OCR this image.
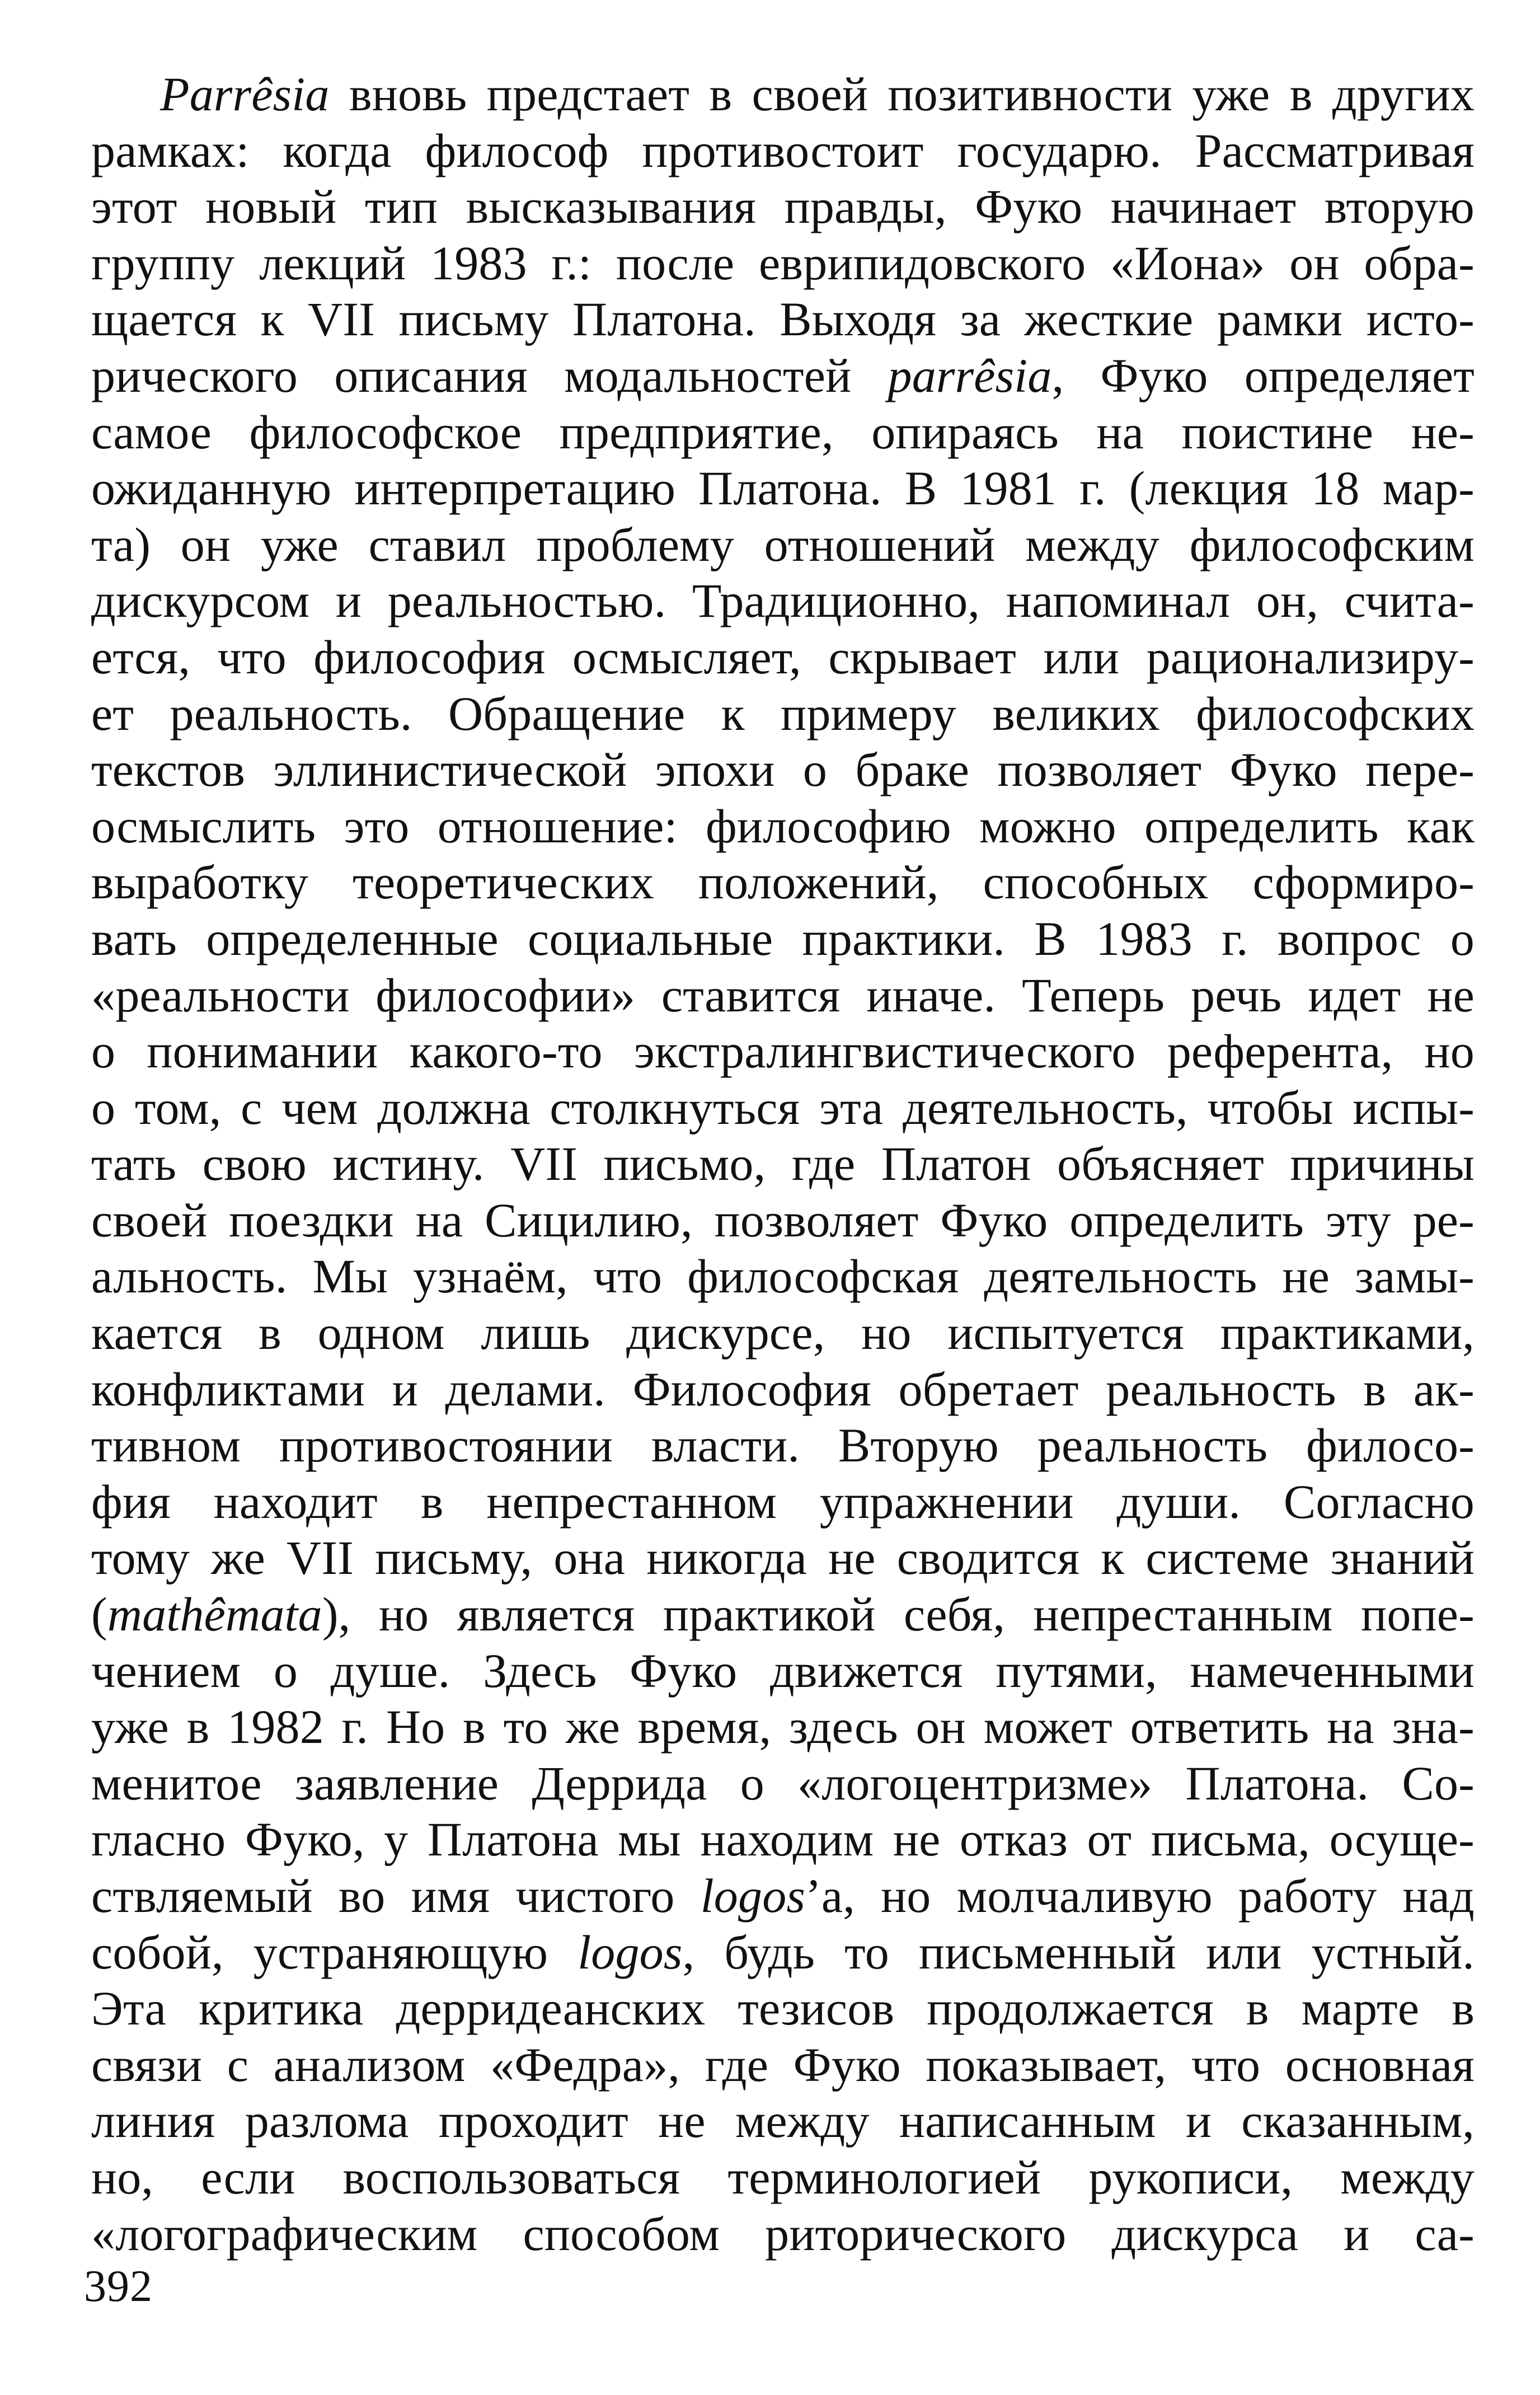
Parrêsia вновь предстает в своей позитивности уже в других
рамках: когда философ противостоит государю. Рассматривая
этот новый тип высказывания правды, Фуко начинает вторую
группу лекций 1983 г.: после еврипидовского «Иона» он обра-
щается к VII письму Платона. Выходя за жесткие рамки исто-
рического описания модальностей parrêsia, Фуко определяет
самое философское предприятие, опираясь на поистине не-
ожиданную интерпретацию Платона. В 1981 г. (лекция 18 мар-
та) он уже ставил проблему отношений между философским
дискурсом и реальностью. Традиционно, напоминал он, счита-
ется, что философия осмысляет, скрывает или рационализиру-
ет реальность. Обращение к примеру великих философских
текстов эллинистической эпохи о браке позволяет Фуко пере-
осмыслить это отношение: философию можно определить как
выработку теоретических положений, способных сформиро-
вать определенные социальные практики. В 1983 г. вопрос о
«реальности философии» ставится иначе. Теперь речь идет не
о понимании какого-то экстралингвистического референта, но
о том, с чем должна столкнуться эта деятельность, чтобы испы-
тать свою истину. VII письмо, где Платон объясняет причины
своей поездки на Сицилию, позволяет Фуко определить эту ре-
альность. Мы узнаём, что философская деятельность не замы-
кается в одном лишь дискурсе, но испытуется практиками,
конфликтами и делами. Философия обретает реальность в ак-
тивном противостоянии власти. Вторую реальность филосо-
фия находит в непрестанном упражнении души. Согласно
тому же VII письму, она никогда не сводится к системе знаний
(mathêmata), но является практикой себя, непрестанным попе-
чением о душе. Здесь Фуко движется путями, намеченными
уже в 1982 г. Но в то же время, здесь он может ответить на зна-
менитое заявление Деррида о «логоцентризме» Платона. Со-
гласно Фуко, у Платона мы находим не отказ от письма, осуще-
ствляемый во имя чистого logos’а, но молчаливую работу над
собой, устраняющую logos, будь то письменный или устный.
Эта критика дерридеанских тезисов продолжается в марте в
связи с анализом «Федра», где Фуко показывает, что основная
линия разлома проходит не между написанным и сказанным,
но, если воспользоваться терминологией рукописи, между
«логографическим способом риторического дискурса и са-
392
